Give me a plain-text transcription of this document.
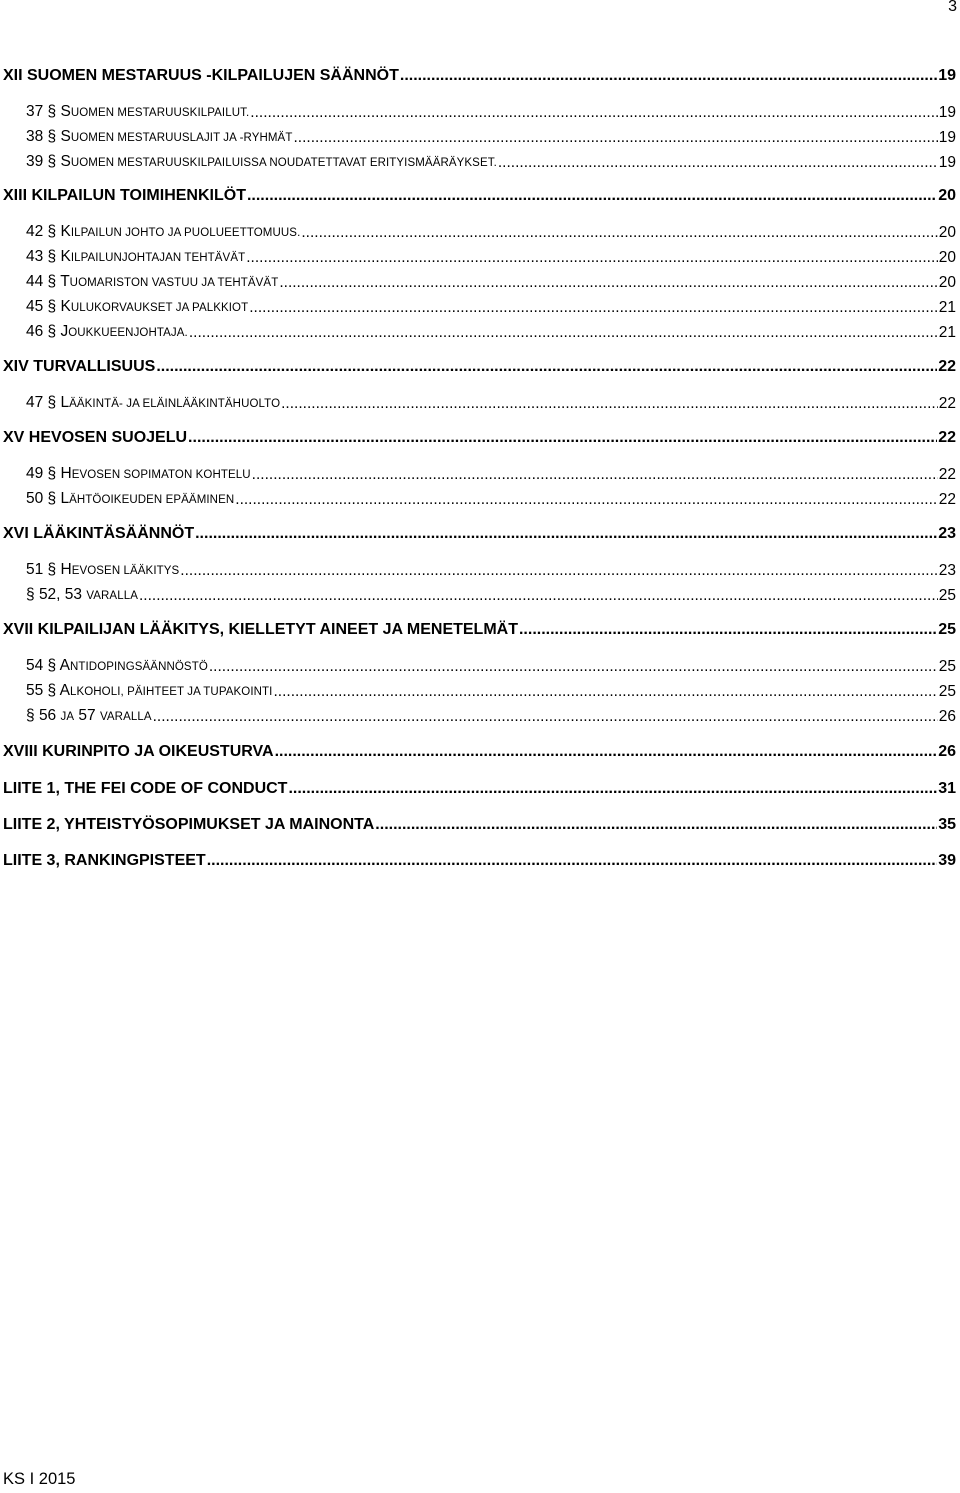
3
XII SUOMEN MESTARUUS -KILPAILUJEN SÄÄNNÖT .....	19
37 § SUOMEN MESTARUUSKILPAILUT. .....	19
38 § SUOMEN MESTARUUSLAJIT JA -RYHMÄT .....	19
39 § SUOMEN MESTARUUSKILPAILUISSA NOUDATETTAVAT ERITYISMÄÄRÄYKSET. .....	19
XIII KILPAILUN TOIMIHENKILÖT .....	20
42 § KILPAILUN JOHTO JA PUOLUEETTOMUUS. .....	20
43 § KILPAILUNJOHTAJAN TEHTÄVÄT .....	20
44 § TUOMARISTON VASTUU JA TEHTÄVÄT .....	20
45 § KULUKORVAUKSET JA PALKKIOT .....	21
46 § JOUKKUEENJOHTAJA. .....	21
XIV TURVALLISUUS .....	22
47 § LÄÄKINTÄ- JA ELÄINLÄÄKINTÄHUOLTO .....	22
XV HEVOSEN SUOJELU .....	22
49 § HEVOSEN SOPIMATON KOHTELU .....	22
50 § LÄHTÖOIKEUDEN EPÄÄMINEN .....	22
XVI LÄÄKINTÄSÄÄNNÖT .....	23
51 § HEVOSEN LÄÄKITYS .....	23
§ 52, 53 VARALLA .....	25
XVII KILPAILIJAN LÄÄKITYS, KIELLETYT AINEET JA MENETELMÄT .....	25
54 § ANTIDOPINGSÄÄNNÖSTÖ .....	25
55 § ALKOHOLI, PÄIHTEET JA TUPAKOINTI .....	25
§ 56 JA 57 VARALLA .....	26
XVIII KURINPITO JA OIKEUSTURVA .....	26
LIITE 1, THE FEI CODE OF CONDUCT .....	31
LIITE 2, YHTEISTYÖSOPIMUKSET JA MAINONTA .....	35
LIITE 3, RANKINGPISTEET .....	39
KS I 2015
